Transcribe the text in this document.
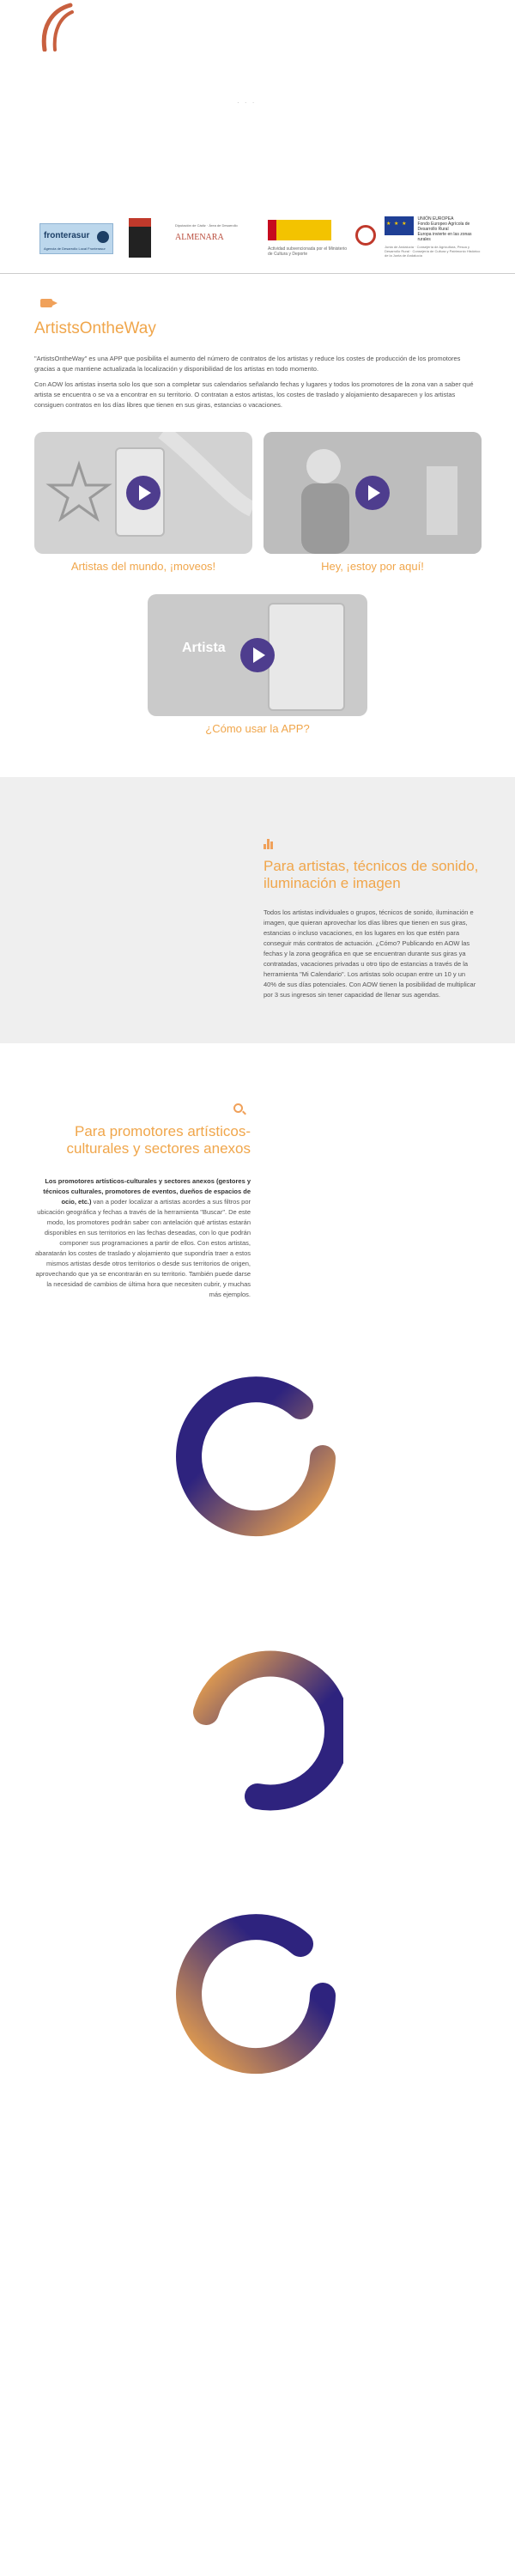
· · ·
fronterasur
Agencia de Desarrollo Local Fronterasur
Diputación de Cádiz · Área de Desarrollo
ALMENARA
Actividad subvencionada por el Ministerio de Cultura y Deporte
★ ★ ★ UNIÓN EUROPEA
Fondo Europeo Agrícola de Desarrollo Rural
Europa invierte en las zonas rurales
Junta de Andalucía · Consejería de Agricultura, Pesca y Desarrollo Rural · Consejería de Cultura y Patrimonio Histórico de la Junta de Andalucía
ArtistsOntheWay

"ArtistsOntheWay" es una APP que posibilita el aumento del número de contratos de los artistas y reduce los costes de producción de los promotores gracias a que mantiene actualizada la localización y disponibilidad de los artistas en todo momento.

Con AOW los artistas inserta solo los que son a completar sus calendarios señalando fechas y lugares y todos los promotores de la zona van a saber qué artista se encuentra o se va a encontrar en su territorio. O contratan a estos artistas, los costes de traslado y alojamiento desaparecen y los artistas consiguen contratos en los días libres que tienen en sus giras, estancias o vacaciones.

Artistas del mundo, ¡moveos!	Hey, ¡estoy por aquí!
Artista
¿Cómo usar la APP?
Para artistas, técnicos de sonido, iluminación e imagen

Todos los artistas individuales o grupos, técnicos de sonido, iluminación e imagen, que quieran aprovechar los días libres que tienen en sus giras, estancias o incluso vacaciones, en los lugares en los que estén para conseguir más contratos de actuación. ¿Cómo? Publicando en AOW las fechas y la zona geográfica en que se encuentran durante sus giras ya contratadas, vacaciones privadas u otro tipo de estancias a través de la herramienta "Mi Calendario". Los artistas solo ocupan entre un 10 y un 40% de sus días potenciales. Con AOW tienen la posibilidad de multiplicar por 3 sus ingresos sin tener capacidad de llenar sus agendas.

Para promotores artísticos-culturales y sectores anexos

Los promotores artísticos-culturales y sectores anexos (gestores y técnicos culturales, promotores de eventos, dueños de espacios de ocio, etc.) van a poder localizar a artistas acordes a sus filtros por ubicación geográfica y fechas a través de la herramienta "Buscar". De este modo, los promotores podrán saber con antelación qué artistas estarán disponibles en sus territorios en las fechas deseadas, con lo que podrán componer sus programaciones a partir de ellos. Con estos artistas, abaratarán los costes de traslado y alojamiento que supondría traer a estos mismos artistas desde otros territorios o desde sus territorios de origen, aprovechando que ya se encontrarán en su territorio. También puede darse la necesidad de cambios de última hora que necesiten cubrir, y muchas más ejemplos.
